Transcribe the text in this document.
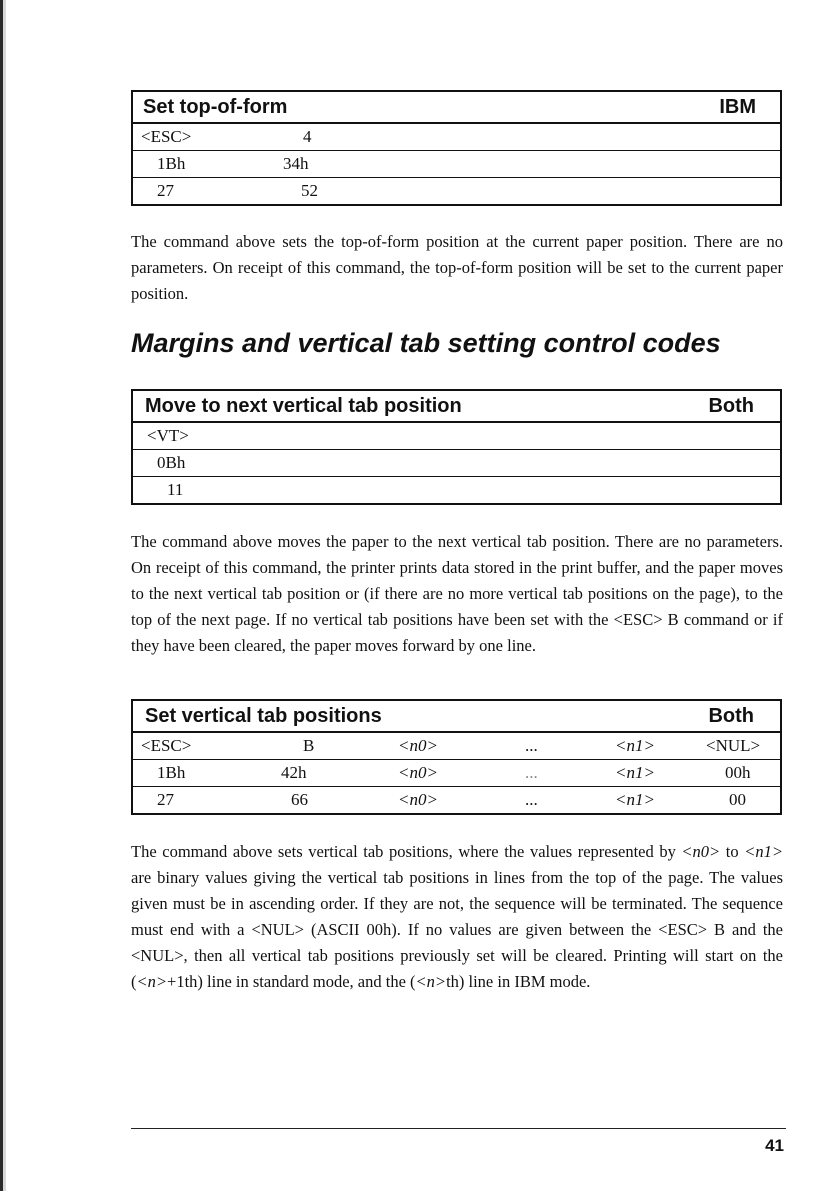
Set top-of-form	IBM
<ESC>	4
1Bh	34h
27	52

The command above sets the top-of-form position at the current paper position. There are no parameters. On receipt of this command, the top-of-form position will be set to the current paper position.

Margins and vertical tab setting control codes
Move to next vertical tab position	Both
<VT>
0Bh
11

The command above moves the paper to the next vertical tab position. There are no parameters. On receipt of this command, the printer prints data stored in the print buffer, and the paper moves to the next vertical tab position or (if there are no more vertical tab positions on the page), to the top of the next page. If no vertical tab positions have been set with the <ESC> B command or if they have been cleared, the paper moves forward by one line.

Set vertical tab positions	Both
<ESC>	B	<n0>	...	<n1>	<NUL>
1Bh	42h	<n0>	...	<n1>	00h
27	66	<n0>	...	<n1>	00

The command above sets vertical tab positions, where the values represented by <n0> to <n1> are binary values giving the vertical tab positions in lines from the top of the page. The values given must be in ascending order. If they are not, the sequence will be terminated. The sequence must end with a <NUL> (ASCII 00h). If no values are given between the <ESC> B and the <NUL>, then all vertical tab positions previously set will be cleared. Printing will start on the (<n>+1th) line in standard mode, and the (<n>th) line in IBM mode.

41
